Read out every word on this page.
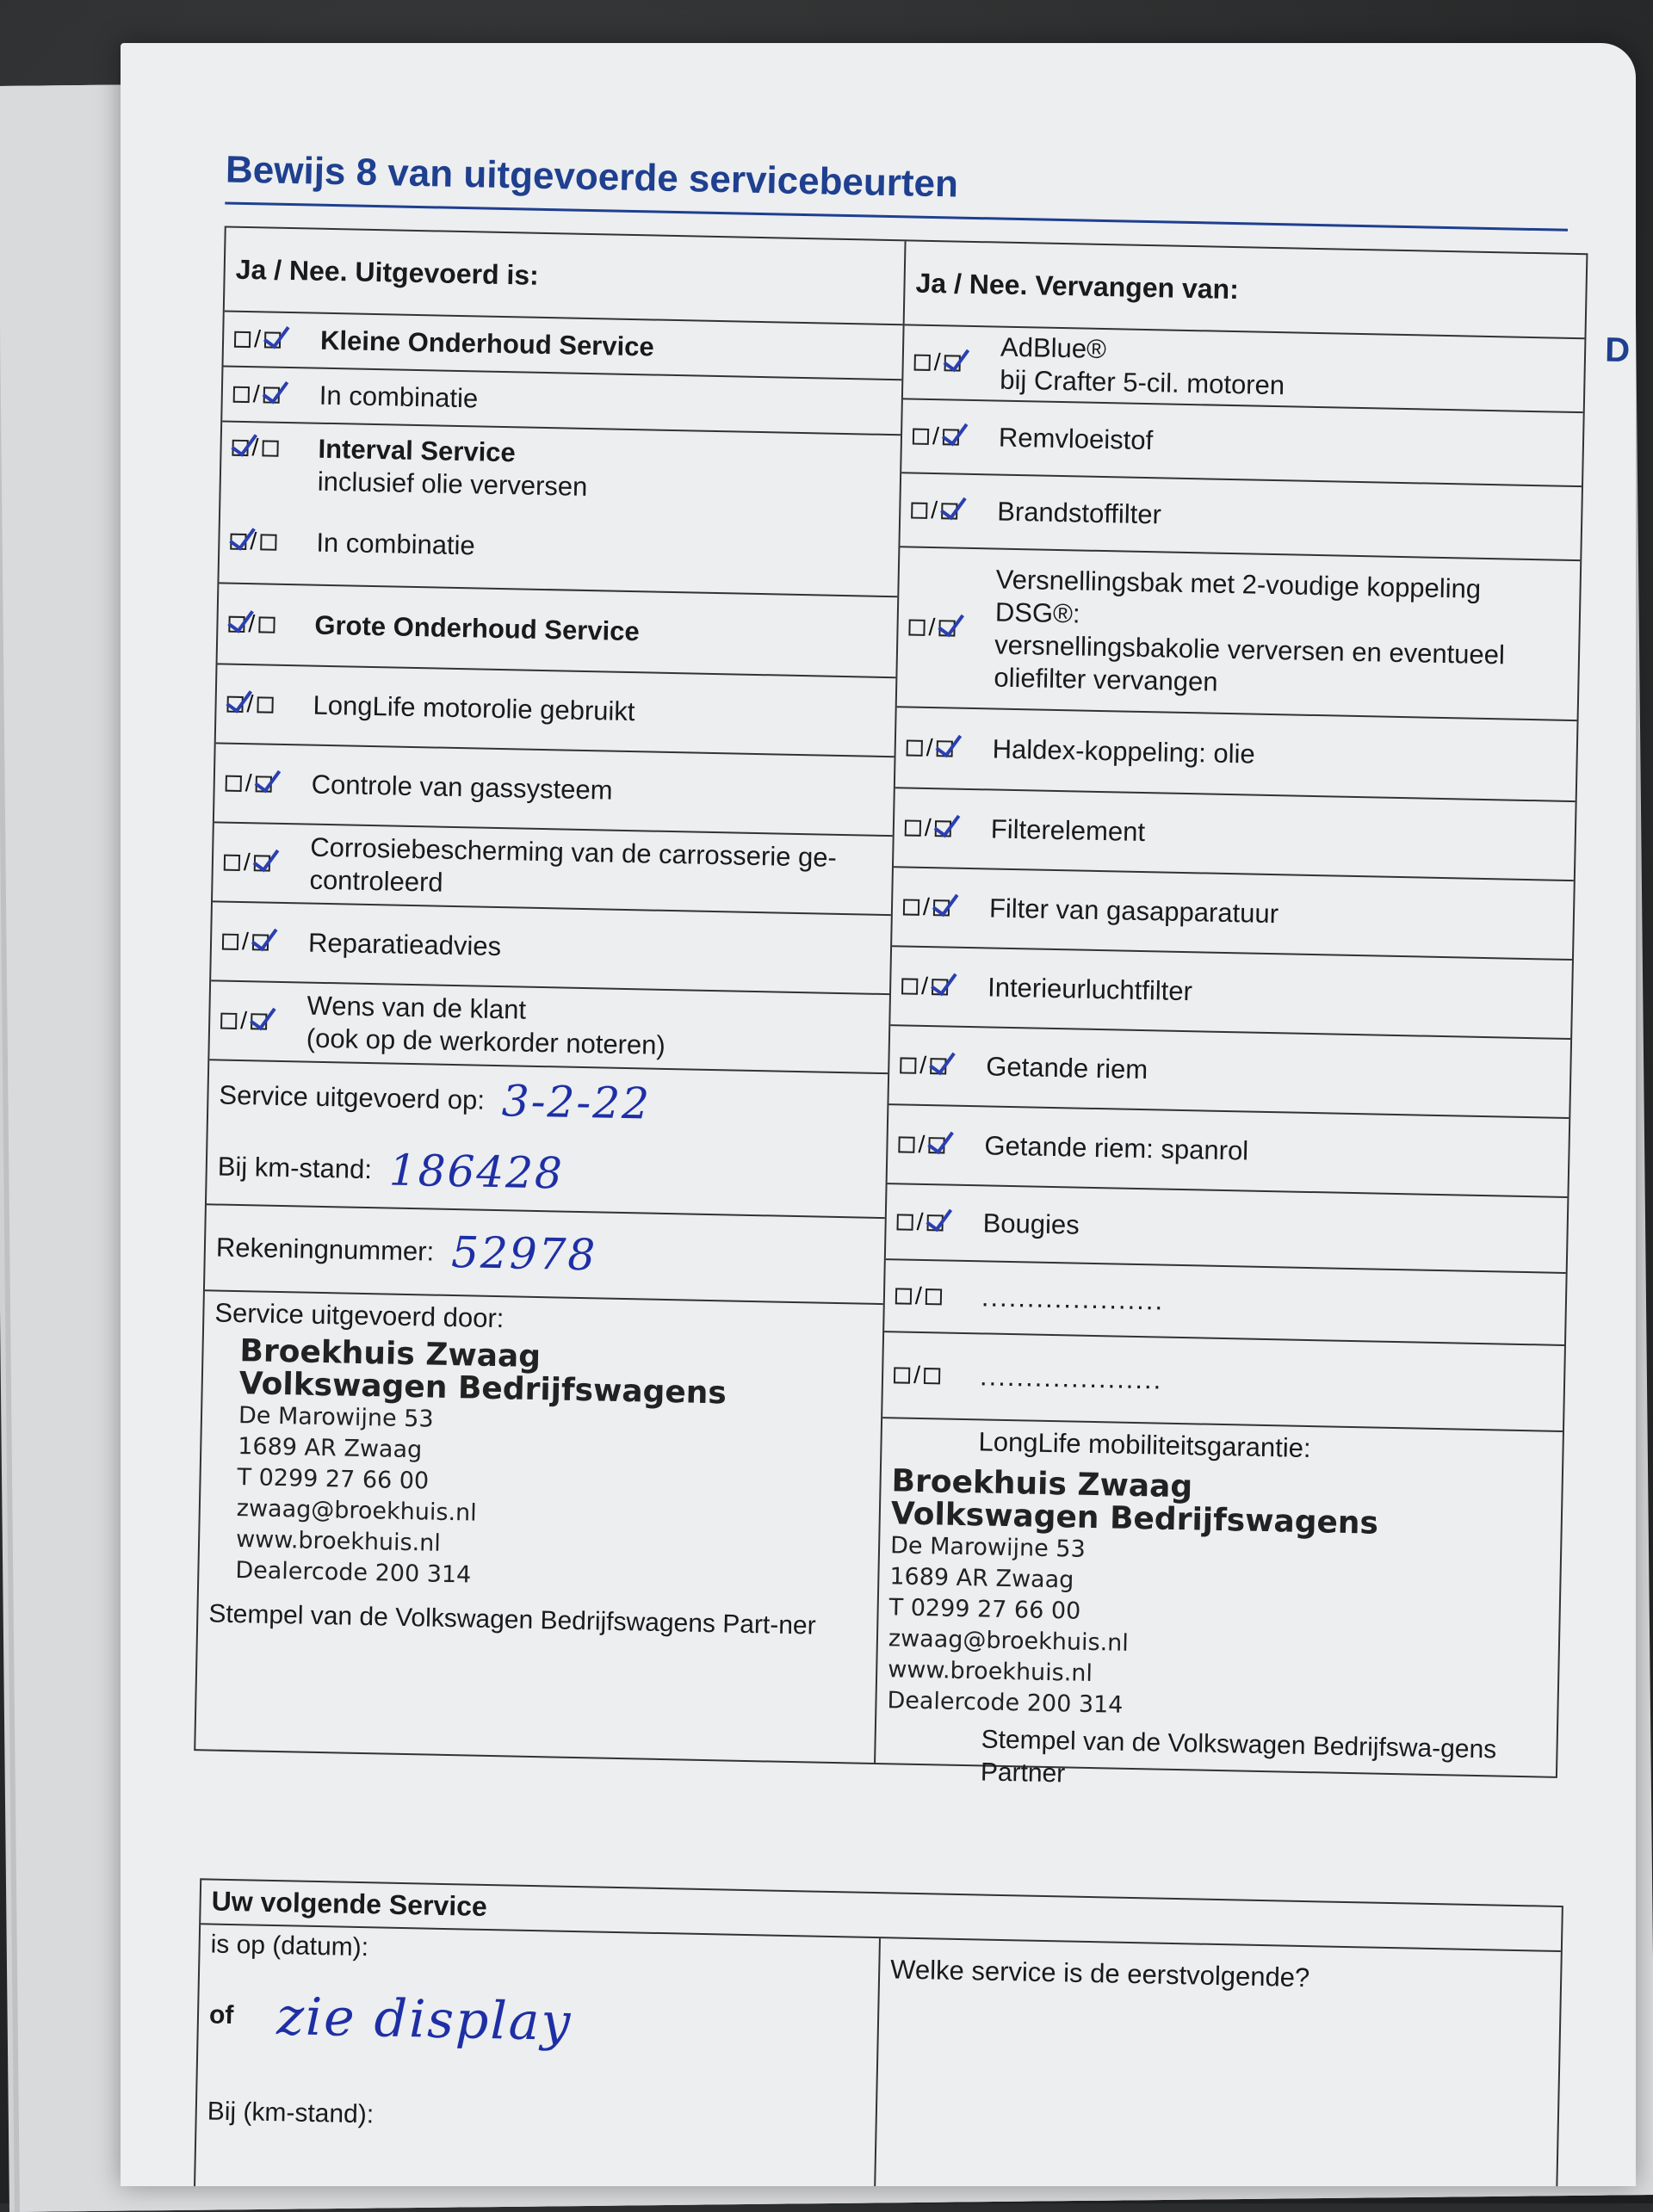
Bewijs 8 van uitgevoerde servicebeurten
D
Ja / Nee. Uitgevoerd is:
/ Kleine Onderhoud Service
/ In combinatie
/ Interval Service
inclusief olie verversen
/ In combinatie
/ Grote Onderhoud Service
/ LongLife motorolie gebruikt
/ Controle van gassysteem
/ Corrosiebescherming van de carrosserie ge-
controleerd
/ Reparatieadvies
/ Wens van de klant
(ook op de werkorder noteren)
Service uitgevoerd op: 3-2-22
Bij km-stand: 186428
Rekeningnummer: 52978
Service uitgevoerd door:
Broekhuis Zwaag
Volkswagen Bedrijfswagens
De Marowijne 53
1689 AR Zwaag
T 0299 27 66 00
zwaag@broekhuis.nl
www.broekhuis.nl
Dealercode 200 314
Stempel van de Volkswagen Bedrijfswagens Part-ner
Ja / Nee. Vervangen van:
/ AdBlue®
bij Crafter 5-cil. motoren
/ Remvloeistof
/ Brandstoffilter
/
Versnellingsbak met 2-voudige koppeling DSG®:
versnellingsbakolie verversen en eventueel oliefilter vervangen
/ Haldex-koppeling: olie
/ Filterelement
/ Filter van gasapparatuur
/ Interieurluchtfilter
/ Getande riem
/ Getande riem: spanrol
/ Bougies
/ ....................
/ ....................
LongLife mobiliteitsgarantie:
Broekhuis Zwaag
Volkswagen Bedrijfswagens
De Marowijne 53
1689 AR Zwaag
T 0299 27 66 00
zwaag@broekhuis.nl
www.broekhuis.nl
Dealercode 200 314
Stempel van de Volkswagen Bedrijfswa-gens Partner
Uw volgende Service
is op (datum):
of zie display
Bij (km-stand):
Welke service is de eerstvolgende?
